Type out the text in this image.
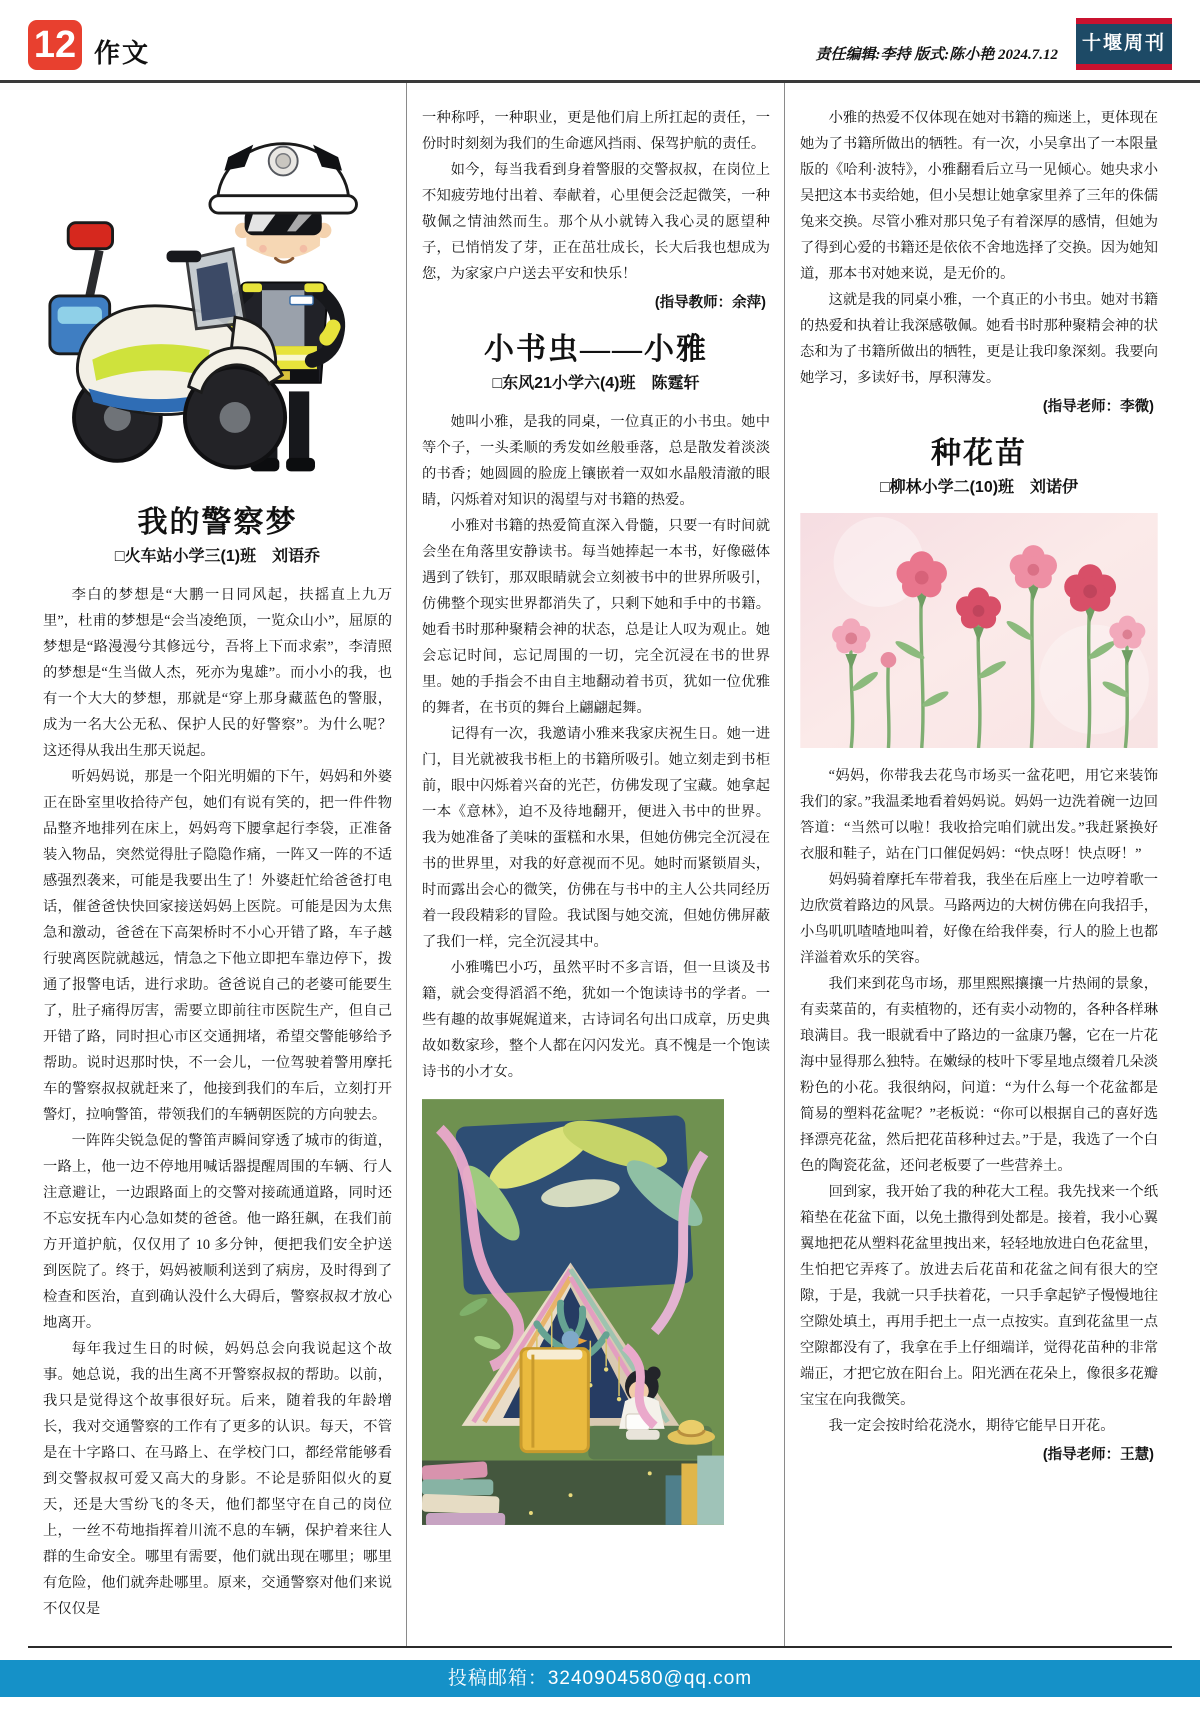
12 作文	责任编辑:李持 版式:陈小艳 2024.7.12
十堰周刊
我的警察梦

□火车站小学三(1)班　刘语乔

李白的梦想是“大鹏一日同风起，扶摇直上九万里”，杜甫的梦想是“会当凌绝顶，一览众山小”，屈原的梦想是“路漫漫兮其修远兮，吾将上下而求索”，李清照的梦想是“生当做人杰，死亦为鬼雄”。而小小的我，也有一个大大的梦想，那就是“穿上那身藏蓝色的警服，成为一名大公无私、保护人民的好警察”。为什么呢？这还得从我出生那天说起。

听妈妈说，那是一个阳光明媚的下午，妈妈和外婆正在卧室里收拾待产包，她们有说有笑的，把一件件物品整齐地排列在床上，妈妈弯下腰拿起行李袋，正准备装入物品，突然觉得肚子隐隐作痛，一阵又一阵的不适感强烈袭来，可能是我要出生了！外婆赶忙给爸爸打电话，催爸爸快快回家接送妈妈上医院。可能是因为太焦急和激动，爸爸在下高架桥时不小心开错了路，车子越行驶离医院就越远，情急之下他立即把车靠边停下，拨通了报警电话，进行求助。爸爸说自己的老婆可能要生了，肚子痛得厉害，需要立即前往市医院生产，但自己开错了路，同时担心市区交通拥堵，希望交警能够给予帮助。说时迟那时快，不一会儿，一位驾驶着警用摩托车的警察叔叔就赶来了，他接到我们的车后，立刻打开警灯，拉响警笛，带领我们的车辆朝医院的方向驶去。

一阵阵尖锐急促的警笛声瞬间穿透了城市的街道，一路上，他一边不停地用喊话器提醒周围的车辆、行人注意避让，一边跟路面上的交警对接疏通道路，同时还不忘安抚车内心急如焚的爸爸。他一路狂飙，在我们前方开道护航，仅仅用了 10 多分钟，便把我们安全护送到医院了。终于，妈妈被顺利送到了病房，及时得到了检查和医治，直到确认没什么大碍后，警察叔叔才放心地离开。

每年我过生日的时候，妈妈总会向我说起这个故事。她总说，我的出生离不开警察叔叔的帮助。以前，我只是觉得这个故事很好玩。后来，随着我的年龄增长，我对交通警察的工作有了更多的认识。每天，不管是在十字路口、在马路上、在学校门口，都经常能够看到交警叔叔可爱又高大的身影。不论是骄阳似火的夏天，还是大雪纷飞的冬天，他们都坚守在自己的岗位上，一丝不苟地指挥着川流不息的车辆，保护着来往人群的生命安全。哪里有需要，他们就出现在哪里；哪里有危险，他们就奔赴哪里。原来，交通警察对他们来说不仅仅是

一种称呼，一种职业，更是他们肩上所扛起的责任，一份时时刻刻为我们的生命遮风挡雨、保驾护航的责任。

如今，每当我看到身着警服的交警叔叔，在岗位上不知疲劳地付出着、奉献着，心里便会泛起微笑，一种敬佩之情油然而生。那个从小就铸入我心灵的愿望种子，已悄悄发了芽，正在茁壮成长，长大后我也想成为您，为家家户户送去平安和快乐！

(指导教师：余萍)

小书虫——小雅

□东风21小学六(4)班　陈霆轩

她叫小雅，是我的同桌，一位真正的小书虫。她中等个子，一头柔顺的秀发如丝般垂落，总是散发着淡淡的书香；她圆圆的脸庞上镶嵌着一双如水晶般清澈的眼睛，闪烁着对知识的渴望与对书籍的热爱。

小雅对书籍的热爱简直深入骨髓，只要一有时间就会坐在角落里安静读书。每当她捧起一本书，好像磁体遇到了铁钉，那双眼睛就会立刻被书中的世界所吸引，仿佛整个现实世界都消失了，只剩下她和手中的书籍。她看书时那种聚精会神的状态，总是让人叹为观止。她会忘记时间，忘记周围的一切，完全沉浸在书的世界里。她的手指会不由自主地翻动着书页，犹如一位优雅的舞者，在书页的舞台上翩翩起舞。

记得有一次，我邀请小雅来我家庆祝生日。她一进门，目光就被我书柜上的书籍所吸引。她立刻走到书柜前，眼中闪烁着兴奋的光芒，仿佛发现了宝藏。她拿起一本《意林》，迫不及待地翻开，便进入书中的世界。我为她准备了美味的蛋糕和水果，但她仿佛完全沉浸在书的世界里，对我的好意视而不见。她时而紧锁眉头，时而露出会心的微笑，仿佛在与书中的主人公共同经历着一段段精彩的冒险。我试图与她交流，但她仿佛屏蔽了我们一样，完全沉浸其中。

小雅嘴巴小巧，虽然平时不多言语，但一旦谈及书籍，就会变得滔滔不绝，犹如一个饱读诗书的学者。一些有趣的故事娓娓道来，古诗词名句出口成章，历史典故如数家珍，整个人都在闪闪发光。真不愧是一个饱读诗书的小才女。

小雅的热爱不仅体现在她对书籍的痴迷上，更体现在她为了书籍所做出的牺牲。有一次，小吴拿出了一本限量版的《哈利·波特》，小雅翻看后立马一见倾心。她央求小吴把这本书卖给她，但小吴想让她拿家里养了三年的侏儒兔来交换。尽管小雅对那只兔子有着深厚的感情，但她为了得到心爱的书籍还是依依不舍地选择了交换。因为她知道，那本书对她来说，是无价的。

这就是我的同桌小雅，一个真正的小书虫。她对书籍的热爱和执着让我深感敬佩。她看书时那种聚精会神的状态和为了书籍所做出的牺牲，更是让我印象深刻。我要向她学习，多读好书，厚积薄发。

(指导老师：李微)

种花苗

□柳林小学二(10)班　刘诺伊

“妈妈，你带我去花鸟市场买一盆花吧，用它来装饰我们的家。”我温柔地看着妈妈说。妈妈一边洗着碗一边回答道：“当然可以啦！我收拾完咱们就出发。”我赶紧换好衣服和鞋子，站在门口催促妈妈：“快点呀！快点呀！”

妈妈骑着摩托车带着我，我坐在后座上一边哼着歌一边欣赏着路边的风景。马路两边的大树仿佛在向我招手，小鸟叽叽喳喳地叫着，好像在给我伴奏，行人的脸上也都洋溢着欢乐的笑容。

我们来到花鸟市场，那里熙熙攘攘一片热闹的景象，有卖菜苗的，有卖植物的，还有卖小动物的，各种各样琳琅满目。我一眼就看中了路边的一盆康乃馨，它在一片花海中显得那么独特。在嫩绿的枝叶下零星地点缀着几朵淡粉色的小花。我很纳闷，问道：“为什么每一个花盆都是简易的塑料花盆呢？”老板说：“你可以根据自己的喜好选择漂亮花盆，然后把花苗移种过去。”于是，我选了一个白色的陶瓷花盆，还问老板要了一些营养土。

回到家，我开始了我的种花大工程。我先找来一个纸箱垫在花盆下面，以免土撒得到处都是。接着，我小心翼翼地把花从塑料花盆里拽出来，轻轻地放进白色花盆里，生怕把它弄疼了。放进去后花苗和花盆之间有很大的空隙，于是，我就一只手扶着花，一只手拿起铲子慢慢地往空隙处填土，再用手把土一点一点按实。直到花盆里一点空隙都没有了，我拿在手上仔细端详，觉得花苗种的非常端正，才把它放在阳台上。阳光洒在花朵上，像很多花瓣宝宝在向我微笑。

我一定会按时给花浇水，期待它能早日开花。

(指导老师：王慧)

投稿邮箱：3240904580@qq.com
